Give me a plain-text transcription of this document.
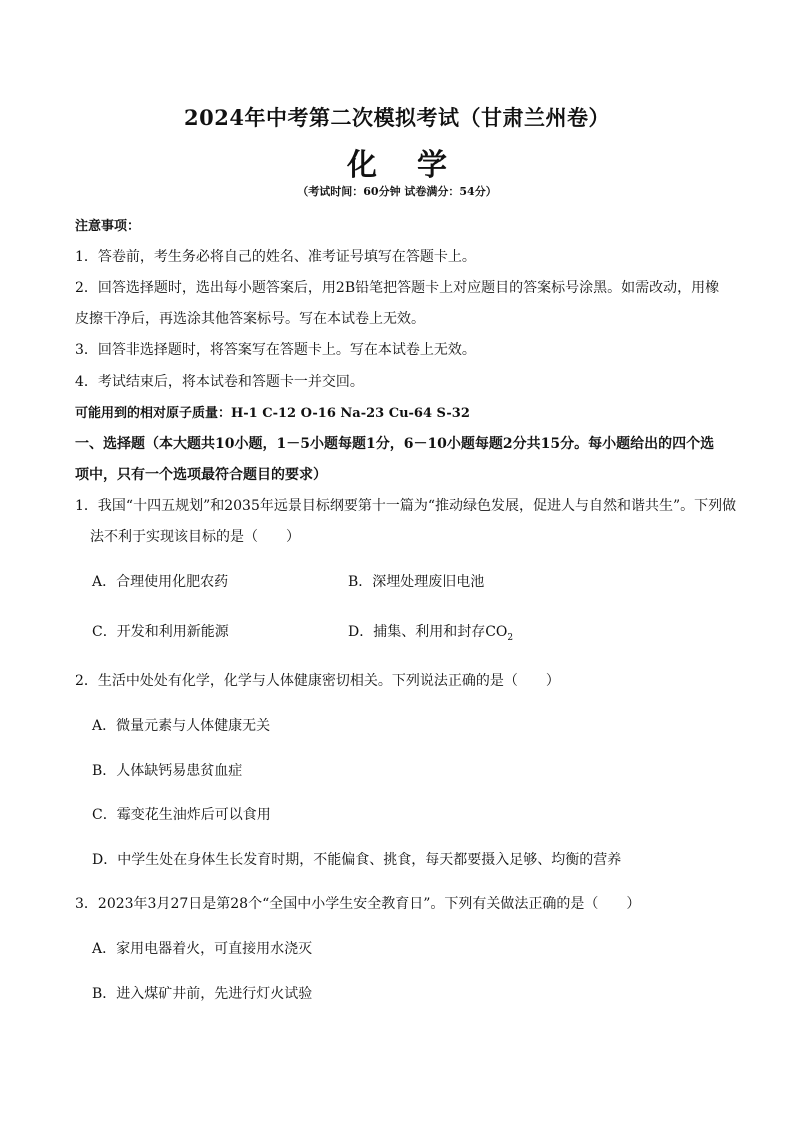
2024年中考第二次模拟考试（甘肃兰州卷）
化学
（考试时间：60分钟 试卷满分：54分）
注意事项：
1．答卷前，考生务必将自己的姓名、准考证号填写在答题卡上。
2．回答选择题时，选出每小题答案后，用2B铅笔把答题卡上对应题目的答案标号涂黑。如需改动，用橡
皮擦干净后，再选涂其他答案标号。写在本试卷上无效。
3．回答非选择题时，将答案写在答题卡上。写在本试卷上无效。
4．考试结束后，将本试卷和答题卡一并交回。
可能用到的相对原子质量：H-1 C-12 O-16 Na-23 Cu-64 S-32
一、选择题（本大题共10小题，1－5小题每题1分，6－10小题每题2分共15分。每小题给出的四个选
项中，只有一个选项最符合题目的要求）
1．我国“十四五规划”和2035年远景目标纲要第十一篇为“推动绿色发展，促进人与自然和谐共生”。下列做
法不利于实现该目标的是（　　）
A．合理使用化肥农药	B．深埋处理废旧电池
C．开发和利用新能源	D．捕集、利用和封存$CO_2$
2．生活中处处有化学，化学与人体健康密切相关。下列说法正确的是（　　）
A．微量元素与人体健康无关
B．人体缺钙易患贫血症
C．霉变花生油炸后可以食用
D．中学生处在身体生长发育时期，不能偏食、挑食，每天都要摄入足够、均衡的营养
3．2023年3月27日是第28个“全国中小学生安全教育日”。下列有关做法正确的是（　　）
A．家用电器着火，可直接用水浇灭
B．进入煤矿井前，先进行灯火试验
